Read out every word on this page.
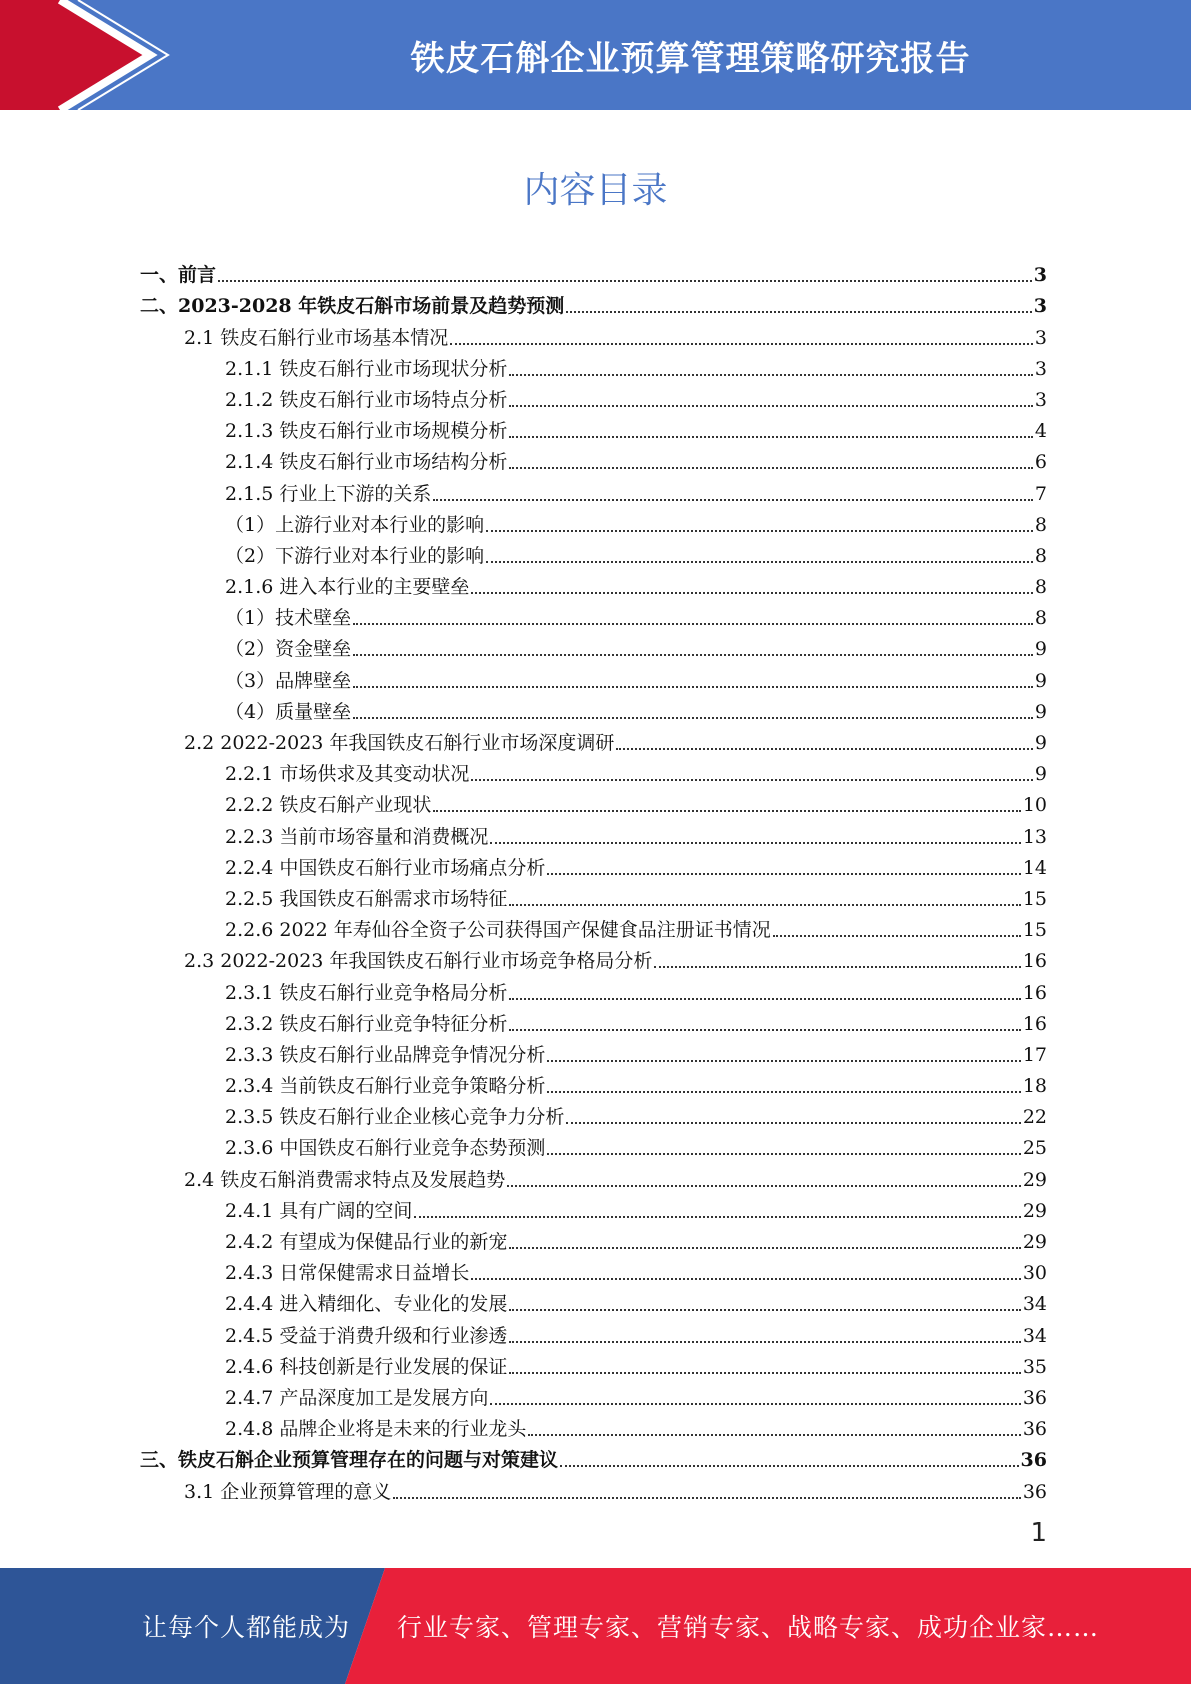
铁皮石斛企业预算管理策略研究报告
内容目录
一、前言	3
二、2023-2028 年铁皮石斛市场前景及趋势预测	3
2.1 铁皮石斛行业市场基本情况	3
2.1.1 铁皮石斛行业市场现状分析	3
2.1.2 铁皮石斛行业市场特点分析	3
2.1.3 铁皮石斛行业市场规模分析	4
2.1.4 铁皮石斛行业市场结构分析	6
2.1.5 行业上下游的关系	7
（1）上游行业对本行业的影响	8
（2）下游行业对本行业的影响	8
2.1.6 进入本行业的主要壁垒	8
（1）技术壁垒	8
（2）资金壁垒	9
（3）品牌壁垒	9
（4）质量壁垒	9
2.2 2022-2023 年我国铁皮石斛行业市场深度调研	9
2.2.1 市场供求及其变动状况	9
2.2.2 铁皮石斛产业现状	10
2.2.3 当前市场容量和消费概况	13
2.2.4 中国铁皮石斛行业市场痛点分析	14
2.2.5 我国铁皮石斛需求市场特征	15
2.2.6 2022 年寿仙谷全资子公司获得国产保健食品注册证书情况	15
2.3 2022-2023 年我国铁皮石斛行业市场竞争格局分析	16
2.3.1 铁皮石斛行业竞争格局分析	16
2.3.2 铁皮石斛行业竞争特征分析	16
2.3.3 铁皮石斛行业品牌竞争情况分析	17
2.3.4 当前铁皮石斛行业竞争策略分析	18
2.3.5 铁皮石斛行业企业核心竞争力分析	22
2.3.6 中国铁皮石斛行业竞争态势预测	25
2.4 铁皮石斛消费需求特点及发展趋势	29
2.4.1 具有广阔的空间	29
2.4.2 有望成为保健品行业的新宠	29
2.4.3 日常保健需求日益增长	30
2.4.4 进入精细化、专业化的发展	34
2.4.5 受益于消费升级和行业渗透	34
2.4.6 科技创新是行业发展的保证	35
2.4.7 产品深度加工是发展方向	36
2.4.8 品牌企业将是未来的行业龙头	36
三、铁皮石斛企业预算管理存在的问题与对策建议	36
3.1 企业预算管理的意义	36
1
让每个人都能成为 行业专家、管理专家、营销专家、战略专家、成功企业家……
